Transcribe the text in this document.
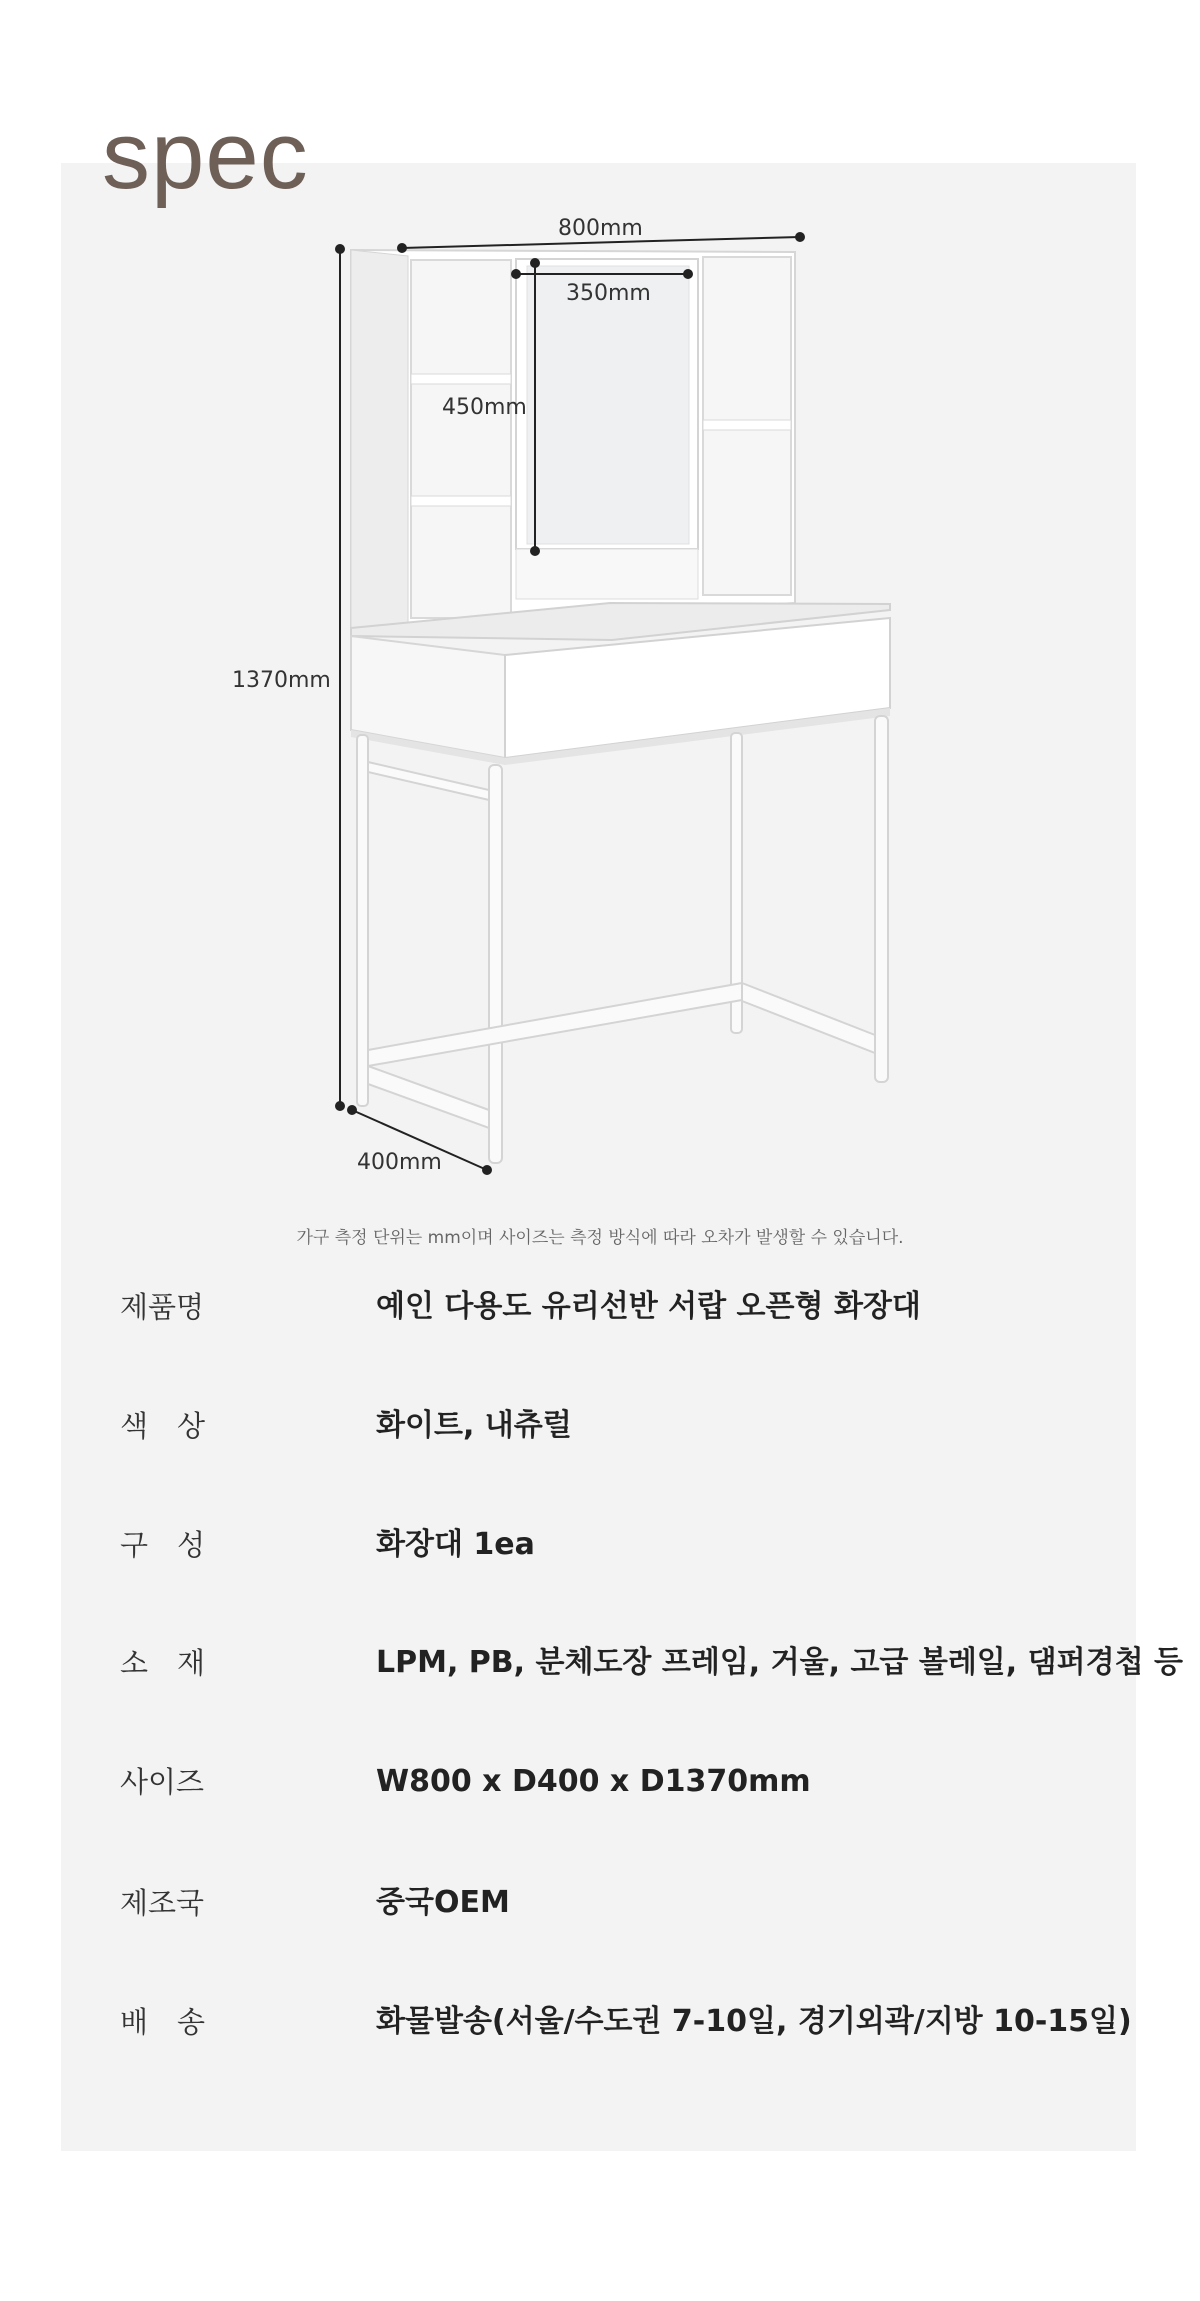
spec
800mm
350mm
450mm
1370mm
400mm
가구 측정 단위는 mm이며 사이즈는 측정 방식에 따라 오차가 발생할 수 있습니다.
제품명	예인 다용도 유리선반 서랍 오픈형 화장대
색　상	화이트, 내츄럴
구　성	화장대 1ea
소　재	LPM, PB, 분체도장 프레임, 거울, 고급 볼레일, 댐퍼경첩 등
사이즈	W800 x D400 x D1370mm
제조국	중국OEM
배　송	화물발송(서울/수도권 7-10일, 경기외곽/지방 10-15일)
